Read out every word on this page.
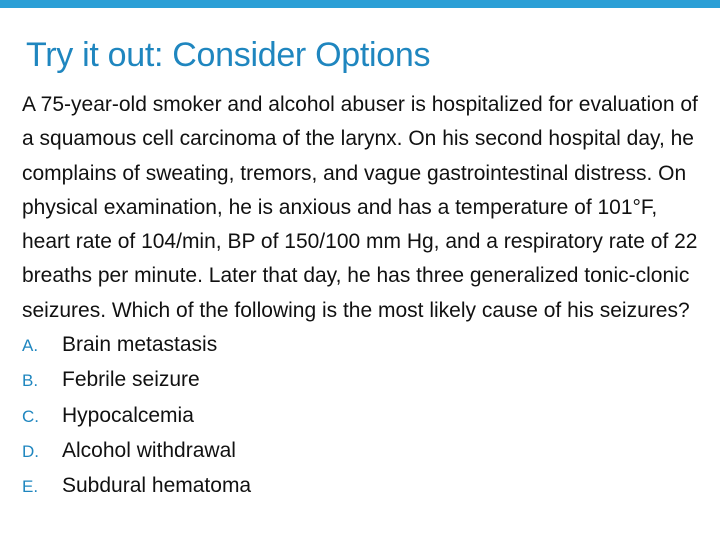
Try it out: Consider Options

A 75-year-old smoker and alcohol abuser is hospitalized for evaluation of a squamous cell carcinoma of the larynx. On his second hospital day, he complains of sweating, tremors, and vague gastrointestinal distress. On physical examination, he is anxious and has a temperature of 101°F, heart rate of 104/min, BP of 150/100 mm Hg, and a respiratory rate of 22 breaths per minute. Later that day, he has three generalized tonic-clonic seizures. Which of the following is the most likely cause of his seizures?

A.	Brain metastasis
B.	Febrile seizure
C.	Hypocalcemia
D.	Alcohol withdrawal
E.	Subdural hematoma
